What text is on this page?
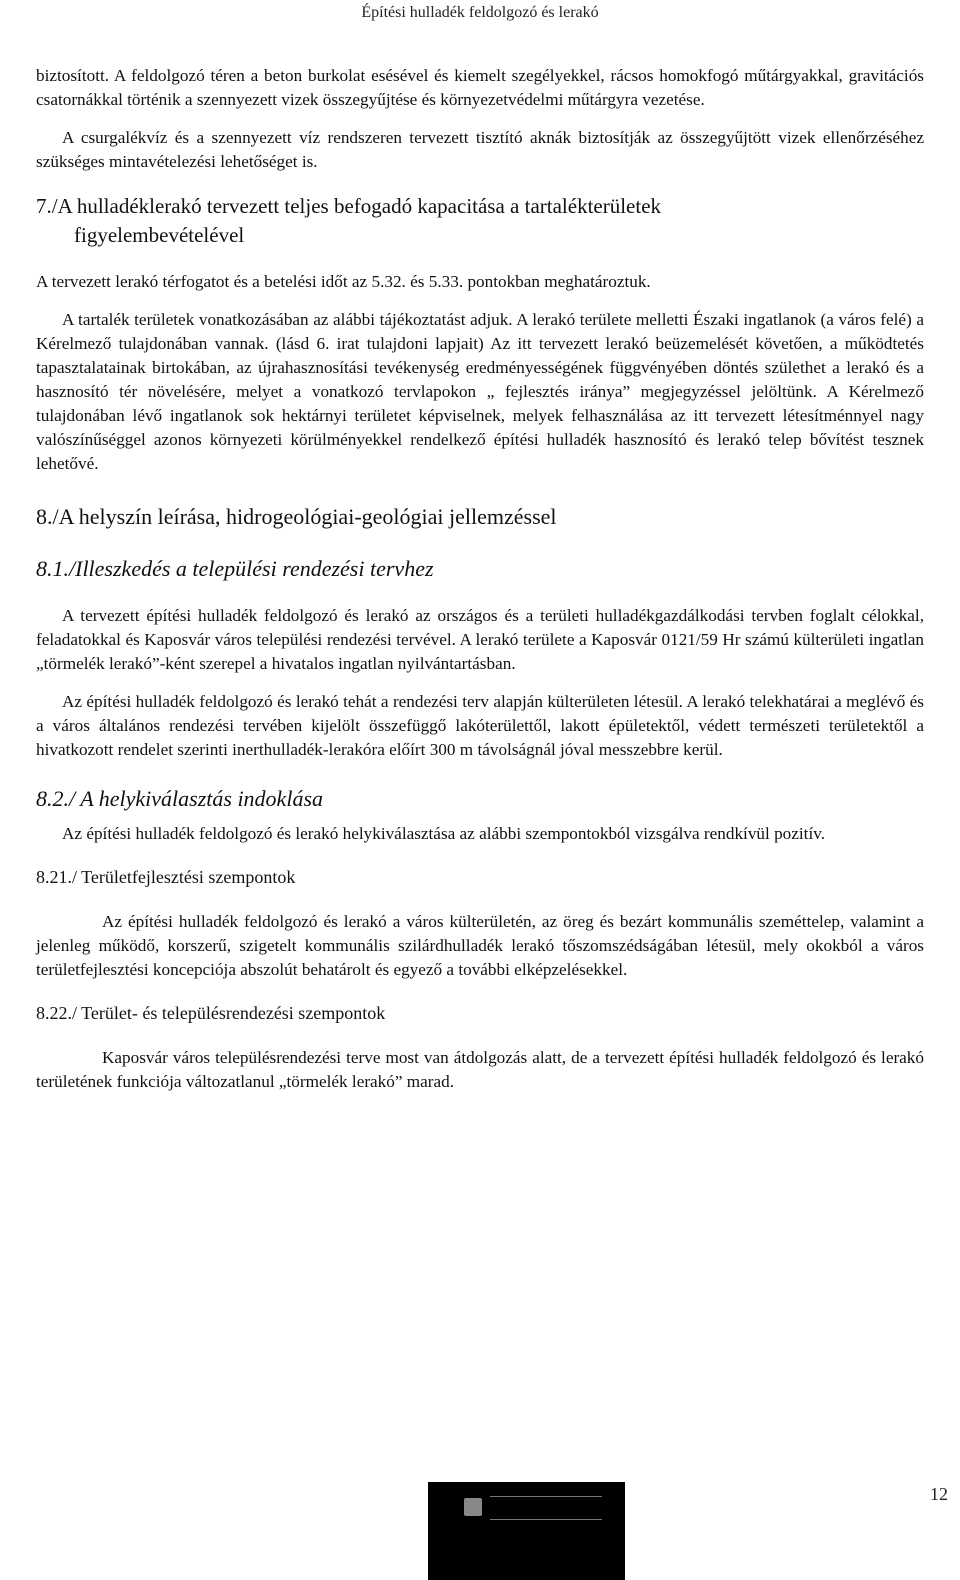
Építési hulladék feldolgozó és lerakó

biztosított. A feldolgozó téren a beton burkolat esésével és kiemelt szegélyekkel, rácsos homokfogó műtárgyakkal, gravitációs csatornákkal történik a szennyezett vizek összegyűjtése és környezetvédelmi műtárgyra vezetése.

A csurgalékvíz és a szennyezett víz rendszeren tervezett tisztító aknák biztosítják az összegyűjtött vizek ellenőrzéséhez szükséges mintavételezési lehetőséget is.

7./A hulladéklerakó tervezett teljes befogadó kapacitása a tartalékterületek
figyelembevételével

A tervezett lerakó térfogatot és a betelési időt az 5.32. és 5.33. pontokban meghatároztuk.

A tartalék területek vonatkozásában az alábbi tájékoztatást adjuk. A lerakó területe melletti Északi ingatlanok (a város felé) a Kérelmező tulajdonában vannak. (lásd 6. irat tulajdoni lapjait) Az itt tervezett lerakó beüzemelését követően, a működtetés tapasztalatainak birtokában, az újrahasznosítási tevékenység eredményességének függvényében döntés születhet a lerakó és a hasznosító tér növelésére, melyet a vonatkozó tervlapokon „ fejlesztés iránya” megjegyzéssel jelöltünk. A Kérelmező tulajdonában lévő ingatlanok sok hektárnyi területet képviselnek, melyek felhasználása az itt tervezett létesítménnyel nagy valószínűséggel azonos környezeti körülményekkel rendelkező építési hulladék hasznosító és lerakó telep bővítést tesznek lehetővé.

8./A helyszín leírása, hidrogeológiai-geológiai jellemzéssel
8.1./Illeszkedés a települési rendezési tervhez

A tervezett építési hulladék feldolgozó és lerakó az országos és a területi hulladékgazdálkodási tervben foglalt célokkal, feladatokkal és Kaposvár város települési rendezési tervével. A lerakó területe a Kaposvár 0121/59 Hr számú külterületi ingatlan „törmelék lerakó”-ként szerepel a hivatalos ingatlan nyilvántartásban.

Az építési hulladék feldolgozó és lerakó tehát a rendezési terv alapján külterületen létesül. A lerakó telekhatárai a meglévő és a város általános rendezési tervében kijelölt összefüggő lakóterülettől, lakott épületektől, védett természeti területektől a hivatkozott rendelet szerinti inerthulladék-lerakóra előírt 300 m távolságnál jóval messzebbre kerül.

8.2./ A helykiválasztás indoklása

Az építési hulladék feldolgozó és lerakó helykiválasztása az alábbi szempontokból vizsgálva rendkívül pozitív.

8.21./ Területfejlesztési szempontok

Az építési hulladék feldolgozó és lerakó a város külterületén, az öreg és bezárt kommunális szeméttelep, valamint a jelenleg működő, korszerű, szigetelt kommunális szilárdhulladék lerakó tőszomszédságában létesül, mely okokból a város területfejlesztési koncepciója abszolút behatárolt és egyező a további elképzelésekkel.

8.22./ Terület- és településrendezési szempontok

Kaposvár város településrendezési terve most van átdolgozás alatt, de a tervezett építési hulladék feldolgozó és lerakó területének funkciója változatlanul „törmelék lerakó” marad.

12
